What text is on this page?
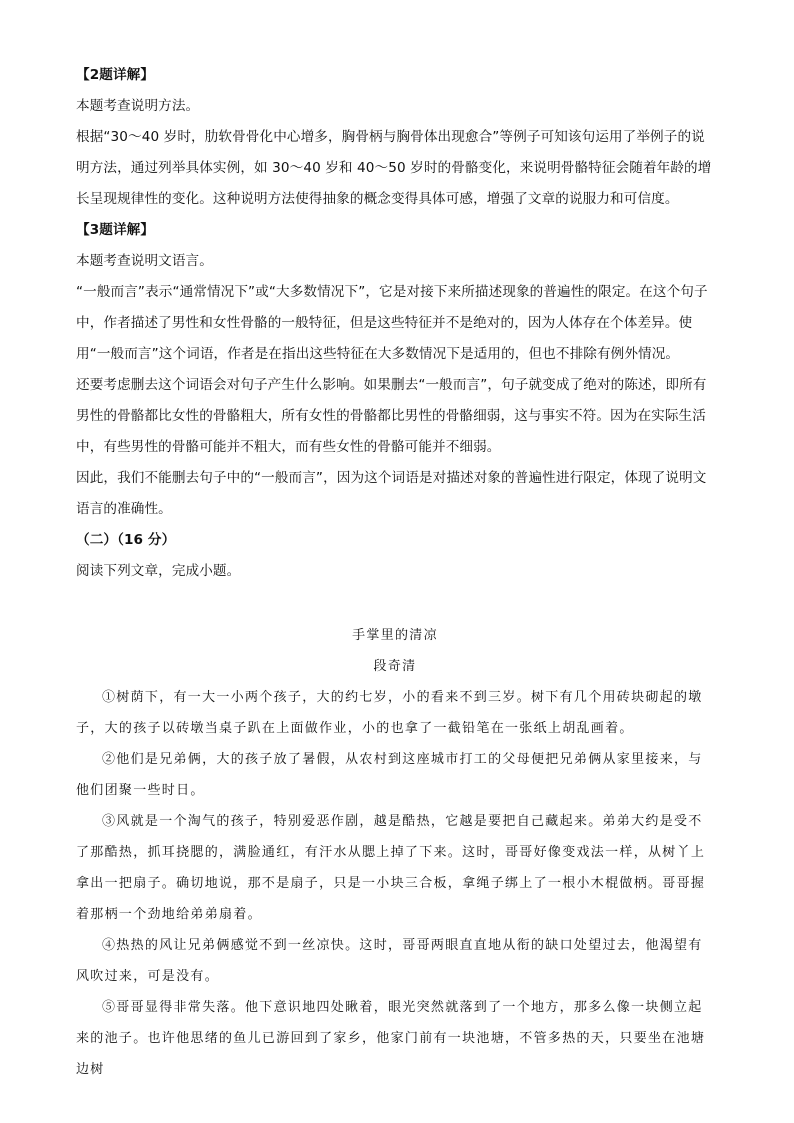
【2题详解】

本题考查说明方法。

根据“30～40 岁时，肋软骨骨化中心增多，胸骨柄与胸骨体出现愈合”等例子可知该句运用了举例子的说明方法，通过列举具体实例，如 30～40 岁和 40～50 岁时的骨骼变化，来说明骨骼特征会随着年龄的增长呈现规律性的变化。这种说明方法使得抽象的概念变得具体可感，增强了文章的说服力和可信度。

【3题详解】

本题考查说明文语言。

“一般而言”表示“通常情况下”或“大多数情况下”，它是对接下来所描述现象的普遍性的限定。在这个句子中，作者描述了男性和女性骨骼的一般特征，但是这些特征并不是绝对的，因为人体存在个体差异。使用“一般而言”这个词语，作者是在指出这些特征在大多数情况下是适用的，但也不排除有例外情况。

还要考虑删去这个词语会对句子产生什么影响。如果删去“一般而言”，句子就变成了绝对的陈述，即所有男性的骨骼都比女性的骨骼粗大，所有女性的骨骼都比男性的骨骼细弱，这与事实不符。因为在实际生活中，有些男性的骨骼可能并不粗大，而有些女性的骨骼可能并不细弱。

因此，我们不能删去句子中的“一般而言”，因为这个词语是对描述对象的普遍性进行限定，体现了说明文语言的准确性。

（二）（16 分）

阅读下列文章，完成小题。

手掌里的清凉

段奇清

①树荫下，有一大一小两个孩子，大的约七岁，小的看来不到三岁。树下有几个用砖块砌起的墩子，大的孩子以砖墩当桌子趴在上面做作业，小的也拿了一截铅笔在一张纸上胡乱画着。

②他们是兄弟俩，大的孩子放了暑假，从农村到这座城市打工的父母便把兄弟俩从家里接来，与他们团聚一些时日。

③风就是一个淘气的孩子，特别爱恶作剧，越是酷热，它越是要把自己藏起来。弟弟大约是受不了那酷热，抓耳挠腮的，满脸通红，有汗水从腮上掉了下来。这时，哥哥好像变戏法一样，从树丫上拿出一把扇子。确切地说，那不是扇子，只是一小块三合板，拿绳子绑上了一根小木棍做柄。哥哥握着那柄一个劲地给弟弟扇着。

④热热的风让兄弟俩感觉不到一丝凉快。这时，哥哥两眼直直地从衔的缺口处望过去，他渴望有风吹过来，可是没有。

⑤哥哥显得非常失落。他下意识地四处瞅着，眼光突然就落到了一个地方，那多么像一块侧立起来的池子。也许他思绪的鱼儿已游回到了家乡，他家门前有一块池塘，不管多热的天，只要坐在池塘边树
